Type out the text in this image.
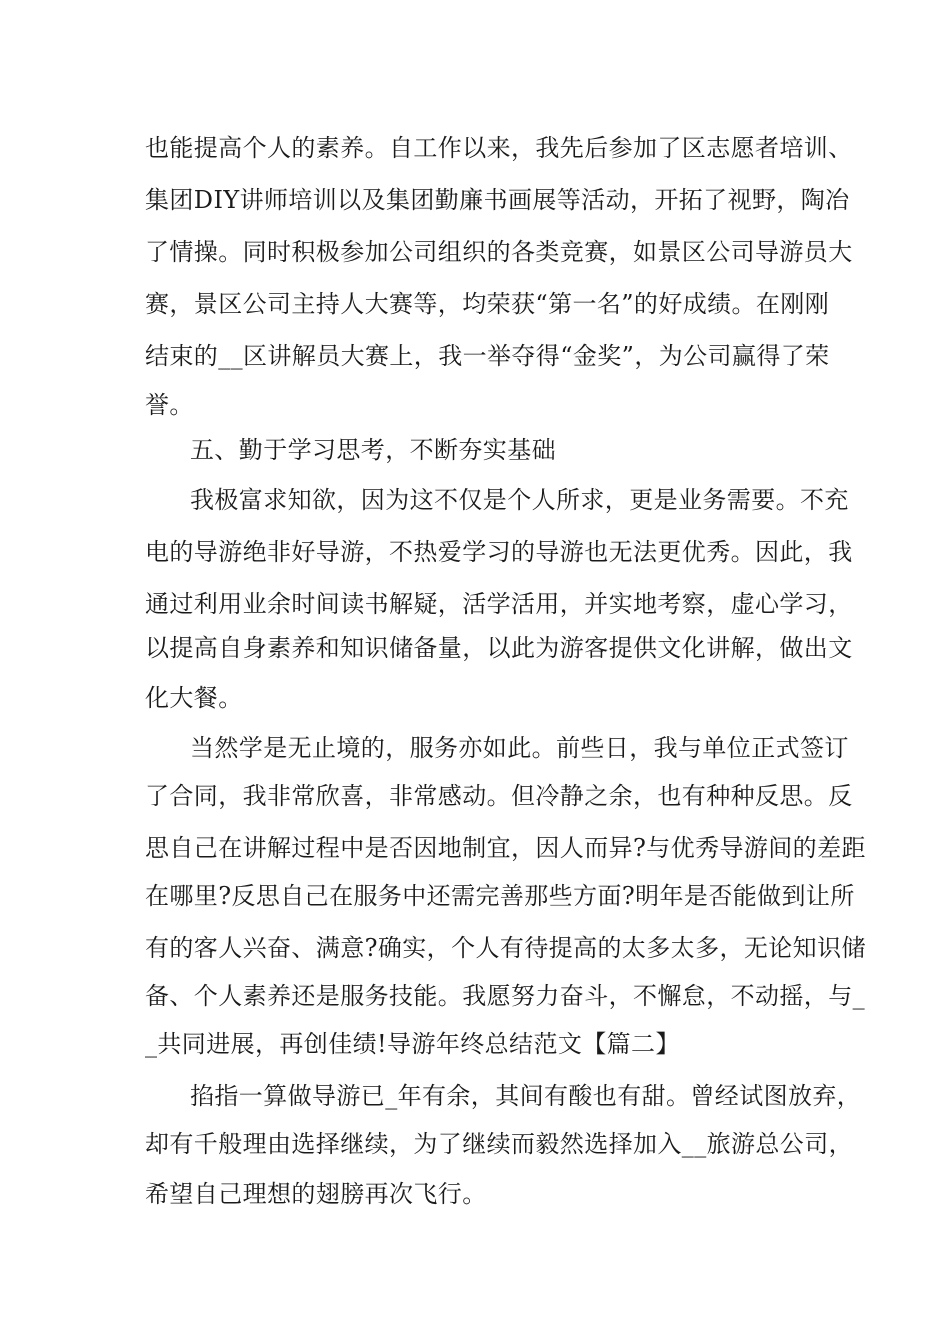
也能提高个人的素养。自工作以来，我先后参加了区志愿者培训、
集团DIY讲师培训以及集团勤廉书画展等活动，开拓了视野，陶冶
了情操。同时积极参加公司组织的各类竞赛，如景区公司导游员大
赛，景区公司主持人大赛等，均荣获“第一名”的好成绩。在刚刚
结束的__区讲解员大赛上，我一举夺得“金奖”，为公司赢得了荣
誉。
五、勤于学习思考，不断夯实基础
我极富求知欲，因为这不仅是个人所求，更是业务需要。不充
电的导游绝非好导游，不热爱学习的导游也无法更优秀。因此，我
通过利用业余时间读书解疑，活学活用，并实地考察，虚心学习，
以提高自身素养和知识储备量，以此为游客提供文化讲解，做出文
化大餐。
当然学是无止境的，服务亦如此。前些日，我与单位正式签订
了合同，我非常欣喜，非常感动。但冷静之余，也有种种反思。反
思自己在讲解过程中是否因地制宜，因人而异?与优秀导游间的差距
在哪里?反思自己在服务中还需完善那些方面?明年是否能做到让所
有的客人兴奋、满意?确实，个人有待提高的太多太多，无论知识储
备、个人素养还是服务技能。我愿努力奋斗，不懈怠，不动摇，与_
_共同进展，再创佳绩!导游年终总结范文【篇二】
掐指一算做导游已_年有余，其间有酸也有甜。曾经试图放弃，
却有千般理由选择继续，为了继续而毅然选择加入__旅游总公司，
希望自己理想的翅膀再次飞行。
